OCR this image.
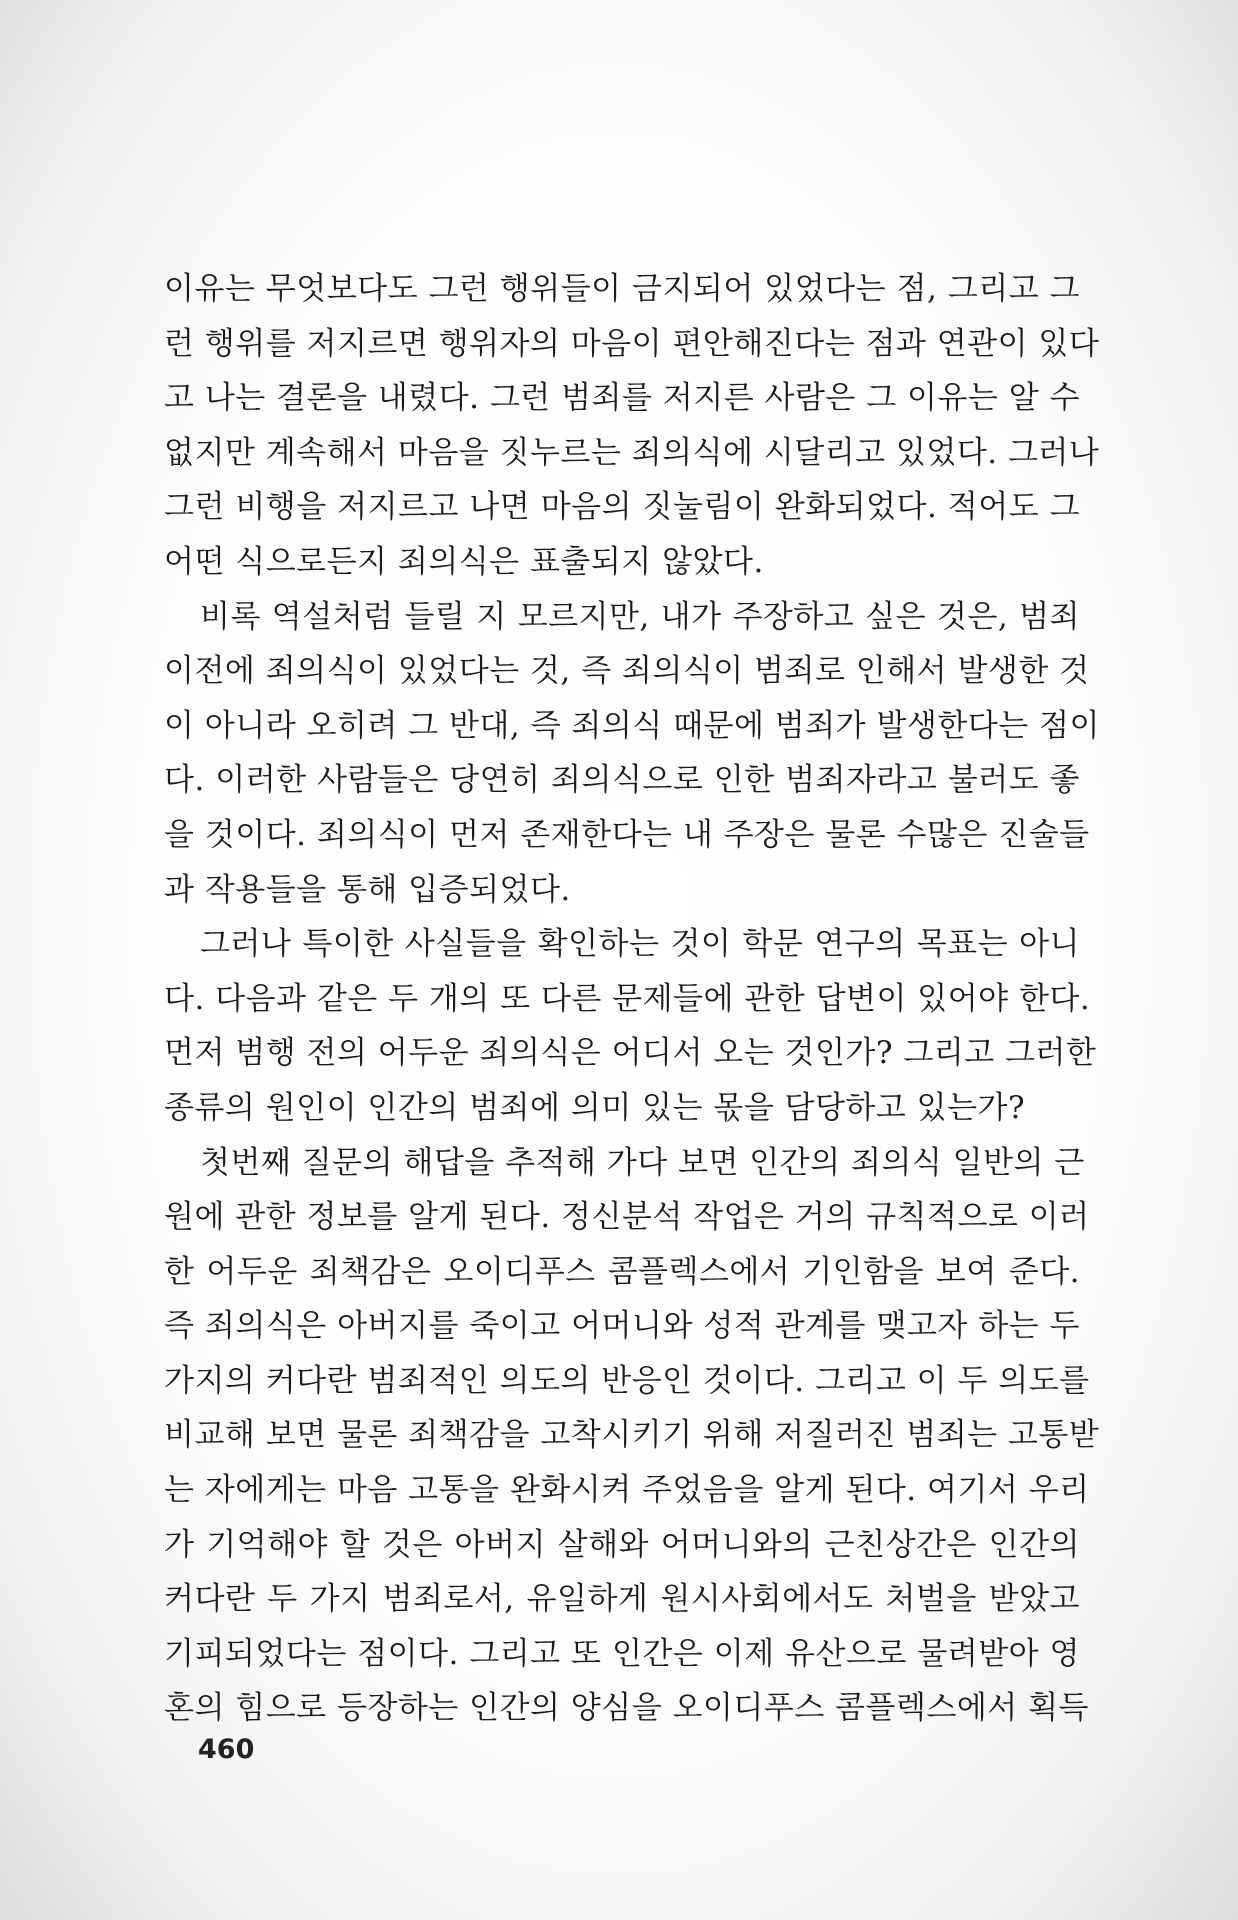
이유는 무엇보다도 그런 행위들이 금지되어 있었다는 점, 그리고 그
런 행위를 저지르면 행위자의 마음이 편안해진다는 점과 연관이 있다
고 나는 결론을 내렸다. 그런 범죄를 저지른 사람은 그 이유는 알 수
없지만 계속해서 마음을 짓누르는 죄의식에 시달리고 있었다. 그러나
그런 비행을 저지르고 나면 마음의 짓눌림이 완화되었다. 적어도 그
어떤 식으로든지 죄의식은 표출되지 않았다.

비록 역설처럼 들릴 지 모르지만, 내가 주장하고 싶은 것은, 범죄
이전에 죄의식이 있었다는 것, 즉 죄의식이 범죄로 인해서 발생한 것
이 아니라 오히려 그 반대, 즉 죄의식 때문에 범죄가 발생한다는 점이
다. 이러한 사람들은 당연히 죄의식으로 인한 범죄자라고 불러도 좋
을 것이다. 죄의식이 먼저 존재한다는 내 주장은 물론 수많은 진술들
과 작용들을 통해 입증되었다.

그러나 특이한 사실들을 확인하는 것이 학문 연구의 목표는 아니
다. 다음과 같은 두 개의 또 다른 문제들에 관한 답변이 있어야 한다.
먼저 범행 전의 어두운 죄의식은 어디서 오는 것인가? 그리고 그러한
종류의 원인이 인간의 범죄에 의미 있는 몫을 담당하고 있는가?

첫번째 질문의 해답을 추적해 가다 보면 인간의 죄의식 일반의 근
원에 관한 정보를 알게 된다. 정신분석 작업은 거의 규칙적으로 이러
한 어두운 죄책감은 오이디푸스 콤플렉스에서 기인함을 보여 준다.
즉 죄의식은 아버지를 죽이고 어머니와 성적 관계를 맺고자 하는 두
가지의 커다란 범죄적인 의도의 반응인 것이다. 그리고 이 두 의도를
비교해 보면 물론 죄책감을 고착시키기 위해 저질러진 범죄는 고통받
는 자에게는 마음 고통을 완화시켜 주었음을 알게 된다. 여기서 우리
가 기억해야 할 것은 아버지 살해와 어머니와의 근친상간은 인간의
커다란 두 가지 범죄로서, 유일하게 원시사회에서도 처벌을 받았고
기피되었다는 점이다. 그리고 또 인간은 이제 유산으로 물려받아 영
혼의 힘으로 등장하는 인간의 양심을 오이디푸스 콤플렉스에서 획득

460
